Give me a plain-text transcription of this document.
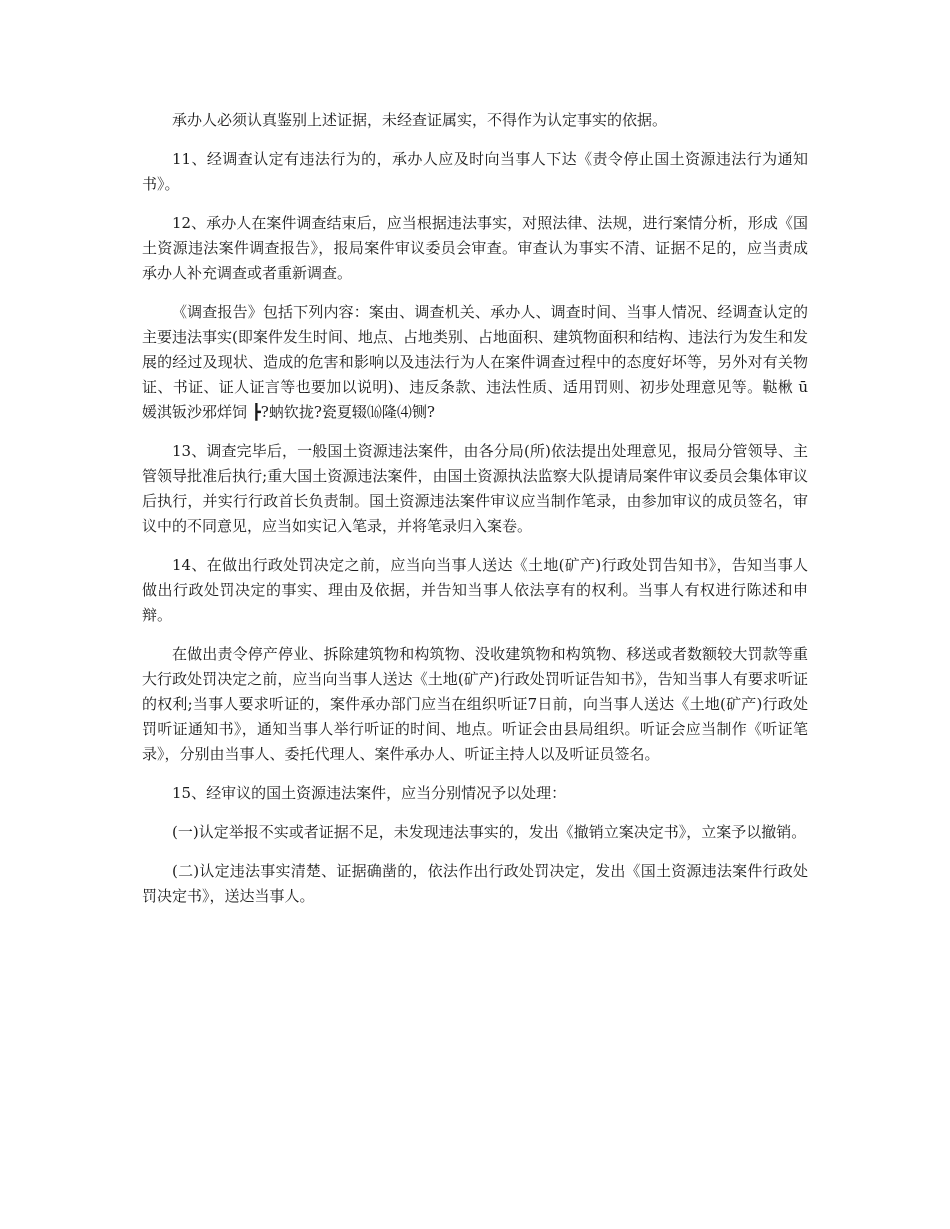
承办人必须认真鉴别上述证据，未经查证属实，不得作为认定事实的依据。

11、经调查认定有违法行为的，承办人应及时向当事人下达《责令停止国土资源违法行为通知书》。

12、承办人在案件调查结束后，应当根据违法事实，对照法律、法规，进行案情分析，形成《国土资源违法案件调查报告》，报局案件审议委员会审查。审查认为事实不清、证据不足的，应当责成承办人补充调查或者重新调查。

《调查报告》包括下列内容：案由、调查机关、承办人、调查时间、当事人情况、经调查认定的主要违法事实(即案件发生时间、地点、占地类别、占地面积、建筑物面积和结构、违法行为发生和发展的经过及现状、造成的危害和影响以及违法行为人在案件调查过程中的态度好坏等，另外对有关物证、书证、证人证言等也要加以说明)、违反条款、违法性质、适用罚则、初步处理意见等。鞑楸 ū 媛淇钣沙邪烊饲 ┣?蚋钦拢?瓷夏辍⒃隆⑷铡?

13、调查完毕后，一般国土资源违法案件，由各分局(所)依法提出处理意见，报局分管领导、主管领导批准后执行;重大国土资源违法案件，由国土资源执法监察大队提请局案件审议委员会集体审议后执行，并实行行政首长负责制。国土资源违法案件审议应当制作笔录，由参加审议的成员签名，审议中的不同意见，应当如实记入笔录，并将笔录归入案卷。

14、在做出行政处罚决定之前，应当向当事人送达《土地(矿产)行政处罚告知书》，告知当事人做出行政处罚决定的事实、理由及依据，并告知当事人依法享有的权利。当事人有权进行陈述和申辩。

在做出责令停产停业、拆除建筑物和构筑物、没收建筑物和构筑物、移送或者数额较大罚款等重大行政处罚决定之前，应当向当事人送达《土地(矿产)行政处罚听证告知书》，告知当事人有要求听证的权利;当事人要求听证的，案件承办部门应当在组织听证7日前，向当事人送达《土地(矿产)行政处罚听证通知书》，通知当事人举行听证的时间、地点。听证会由县局组织。听证会应当制作《听证笔录》，分别由当事人、委托代理人、案件承办人、听证主持人以及听证员签名。

15、经审议的国土资源违法案件，应当分别情况予以处理：

(一)认定举报不实或者证据不足，未发现违法事实的，发出《撤销立案决定书》，立案予以撤销。

(二)认定违法事实清楚、证据确凿的，依法作出行政处罚决定，发出《国土资源违法案件行政处罚决定书》，送达当事人。
